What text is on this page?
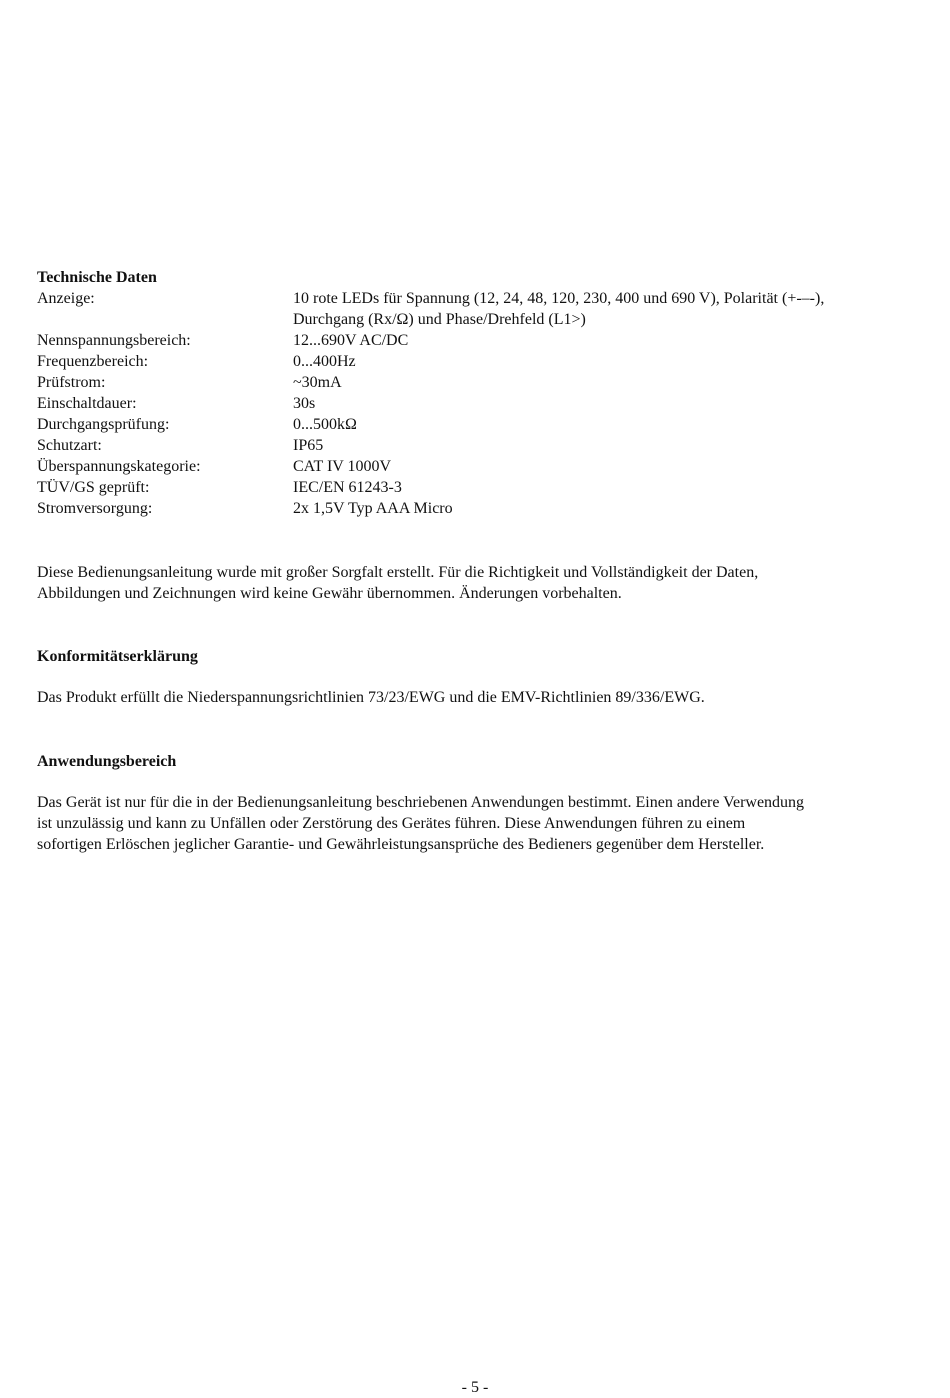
Technische Daten
Anzeige:	10 rote LEDs für Spannung (12, 24, 48, 120, 230, 400 und 690 V), Polarität (+-–-),
Durchgang (Rx/Ω) und Phase/Drehfeld (L1>)
Nennspannungsbereich:	12...690V AC/DC
Frequenzbereich:	0...400Hz
Prüfstrom:	~30mA
Einschaltdauer:	30s
Durchgangsprüfung:	0...500kΩ
Schutzart:	IP65
Überspannungskategorie:	CAT IV 1000V
TÜV/GS geprüft:	IEC/EN 61243-3
Stromversorgung:	2x 1,5V Typ AAA Micro
Diese Bedienungsanleitung wurde mit großer Sorgfalt erstellt. Für die Richtigkeit und Vollständigkeit der Daten,
Abbildungen und Zeichnungen wird keine Gewähr übernommen. Änderungen vorbehalten.
Konformitätserklärung
Das Produkt erfüllt die Niederspannungsrichtlinien 73/23/EWG und die EMV-Richtlinien 89/336/EWG.
Anwendungsbereich
Das Gerät ist nur für die in der Bedienungsanleitung beschriebenen Anwendungen bestimmt. Einen andere Verwendung
ist unzulässig und kann zu Unfällen oder Zerstörung des Gerätes führen. Diese Anwendungen führen zu einem
sofortigen Erlöschen jeglicher Garantie- und Gewährleistungsansprüche des Bedieners gegenüber dem Hersteller.
- 5 -
